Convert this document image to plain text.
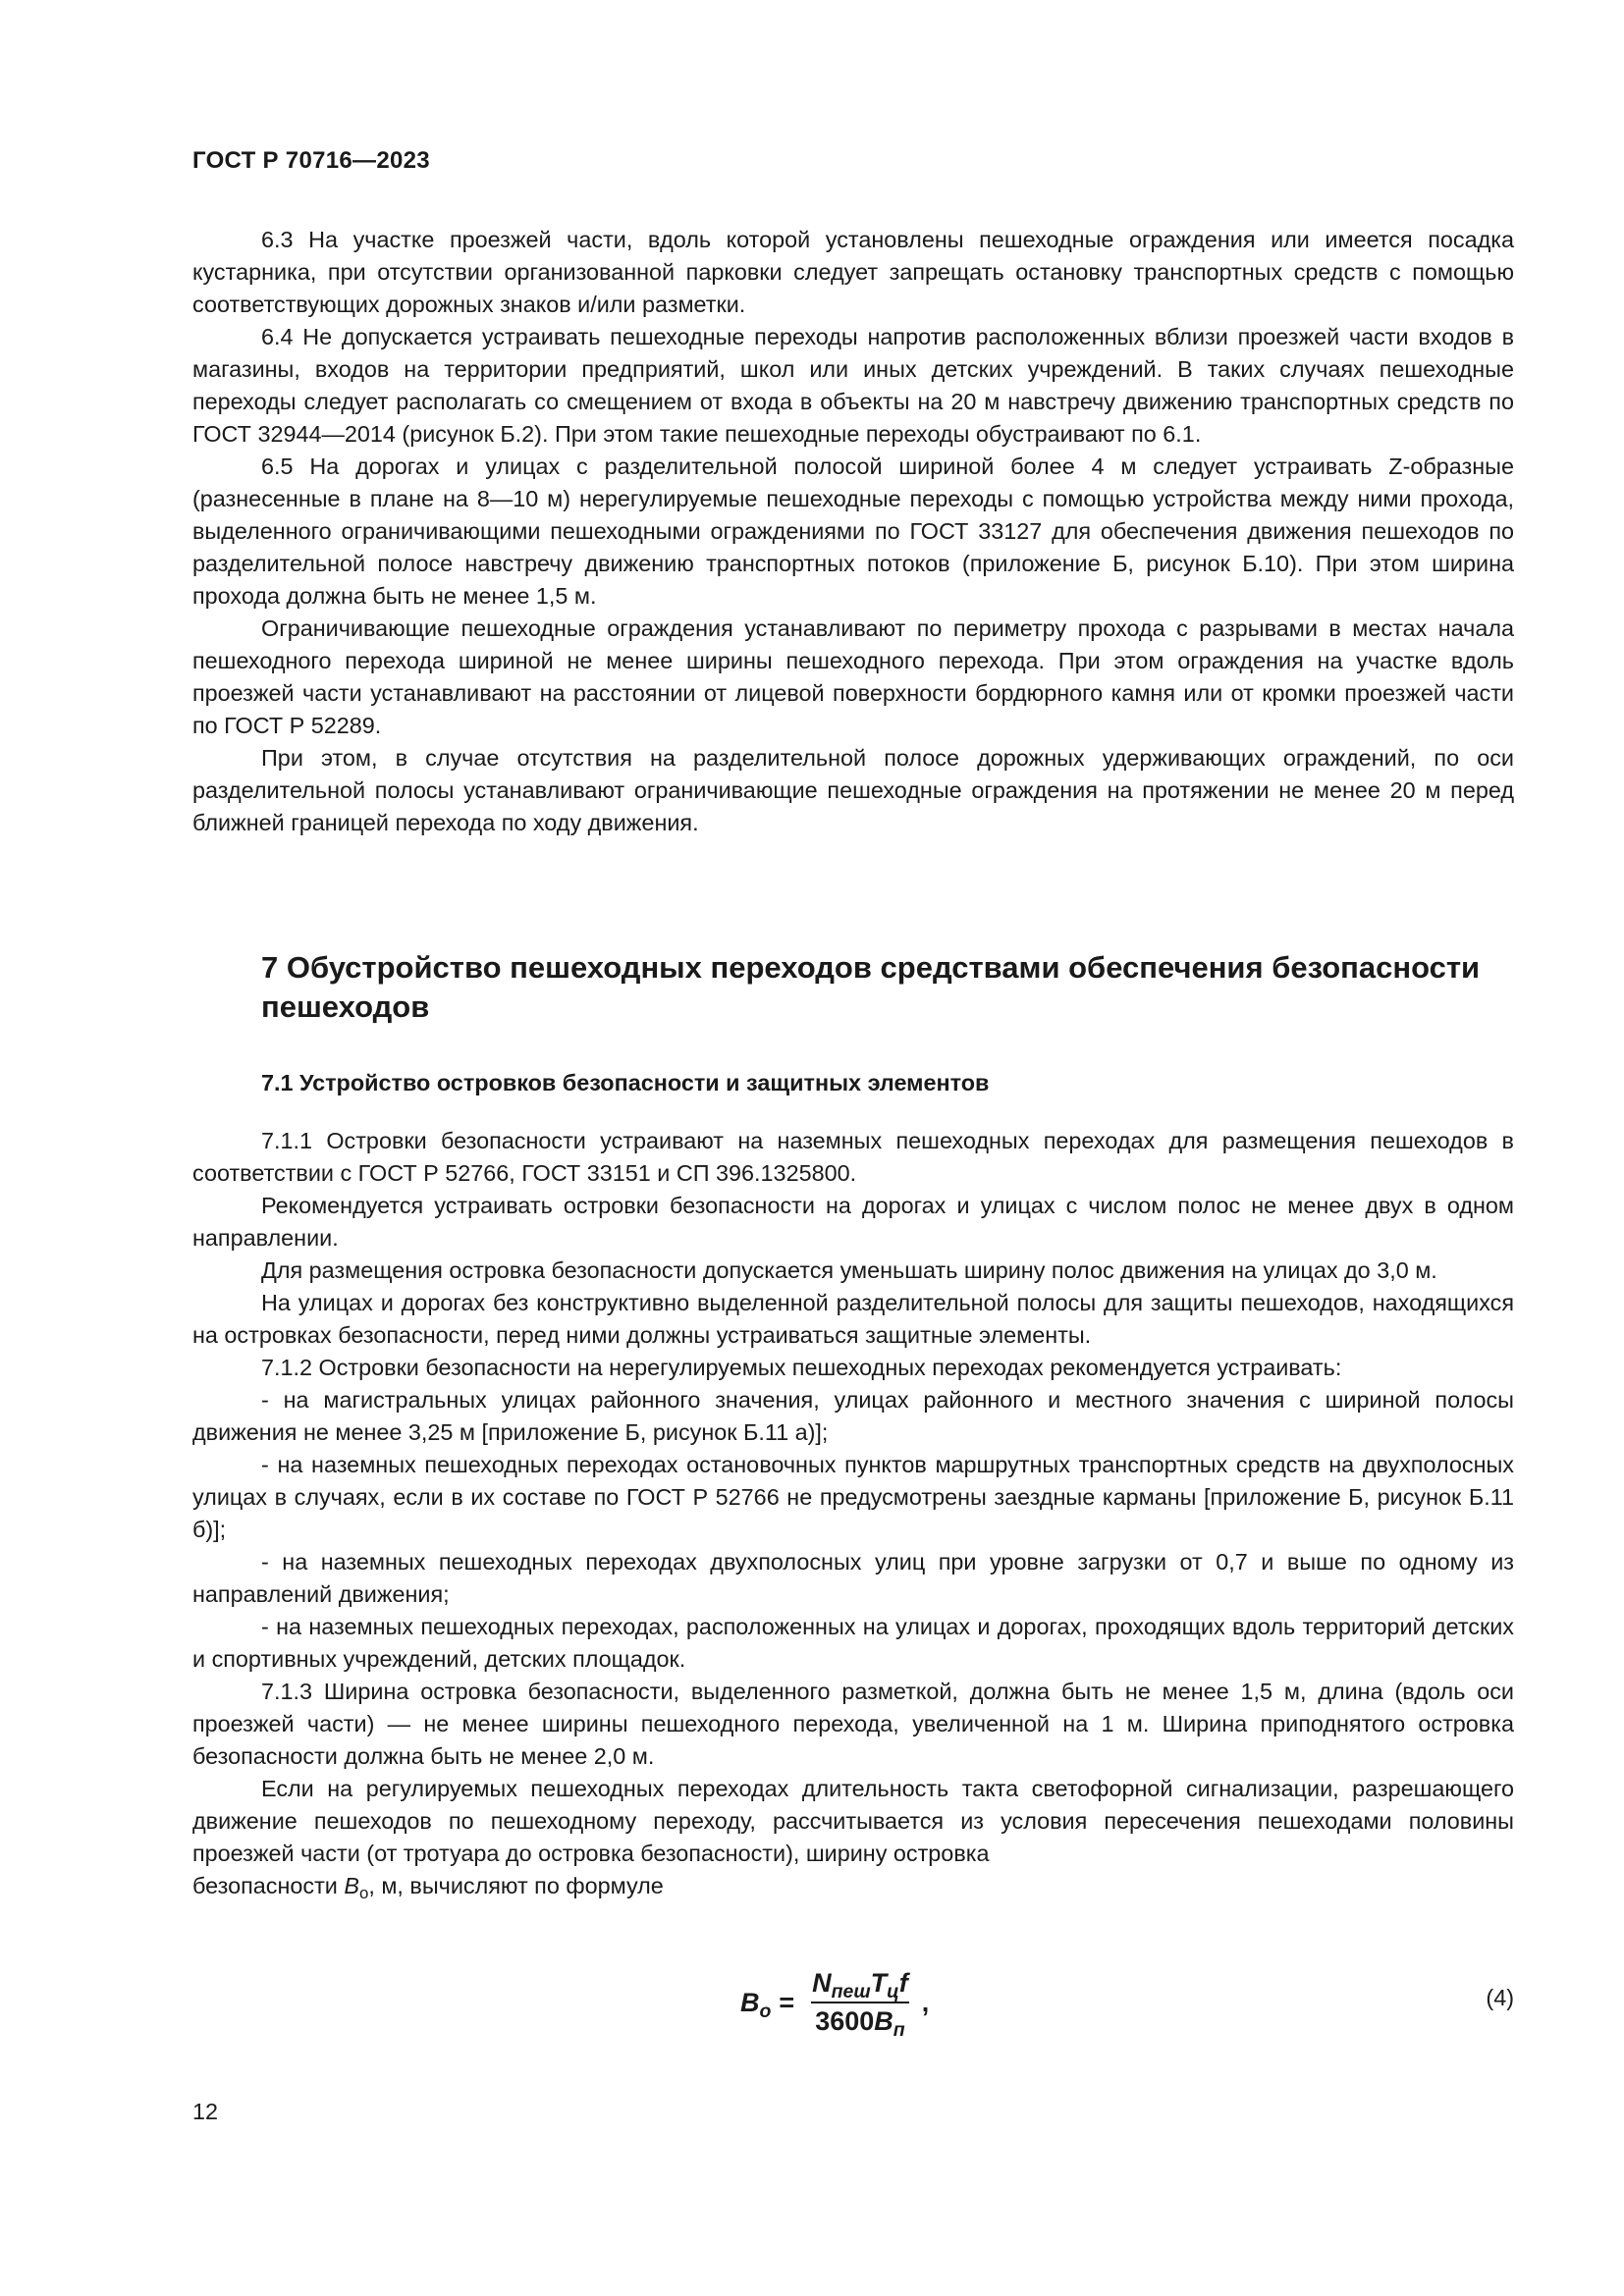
ГОСТ Р 70716—2023

6.3 На участке проезжей части, вдоль которой установлены пешеходные ограждения или имеется посадка кустарника, при отсутствии организованной парковки следует запрещать остановку транспортных средств с помощью соответствующих дорожных знаков и/или разметки.

6.4 Не допускается устраивать пешеходные переходы напротив расположенных вблизи проезжей части входов в магазины, входов на территории предприятий, школ или иных детских учреждений. В таких случаях пешеходные переходы следует располагать со смещением от входа в объекты на 20 м навстречу движению транспортных средств по ГОСТ 32944—2014 (рисунок Б.2). При этом такие пешеходные переходы обустраивают по 6.1.

6.5 На дорогах и улицах с разделительной полосой шириной более 4 м следует устраивать Z-образные (разнесенные в плане на 8—10 м) нерегулируемые пешеходные переходы с помощью устройства между ними прохода, выделенного ограничивающими пешеходными ограждениями по ГОСТ 33127 для обеспечения движения пешеходов по разделительной полосе навстречу движению транспортных потоков (приложение Б, рисунок Б.10). При этом ширина прохода должна быть не менее 1,5 м.

Ограничивающие пешеходные ограждения устанавливают по периметру прохода с разрывами в местах начала пешеходного перехода шириной не менее ширины пешеходного перехода. При этом ограждения на участке вдоль проезжей части устанавливают на расстоянии от лицевой поверхности бордюрного камня или от кромки проезжей части по ГОСТ Р 52289.

При этом, в случае отсутствия на разделительной полосе дорожных удерживающих ограждений, по оси разделительной полосы устанавливают ограничивающие пешеходные ограждения на протяжении не менее 20 м перед ближней границей перехода по ходу движения.

7 Обустройство пешеходных переходов средствами обеспечения безопасности пешеходов
7.1 Устройство островков безопасности и защитных элементов

7.1.1 Островки безопасности устраивают на наземных пешеходных переходах для размещения пешеходов в соответствии с ГОСТ Р 52766, ГОСТ 33151 и СП 396.1325800.

Рекомендуется устраивать островки безопасности на дорогах и улицах с числом полос не менее двух в одном направлении.

Для размещения островка безопасности допускается уменьшать ширину полос движения на улицах до 3,0 м.

На улицах и дорогах без конструктивно выделенной разделительной полосы для защиты пешеходов, находящихся на островках безопасности, перед ними должны устраиваться защитные элементы.

7.1.2 Островки безопасности на нерегулируемых пешеходных переходах рекомендуется устраивать:

- на магистральных улицах районного значения, улицах районного и местного значения с шириной полосы движения не менее 3,25 м [приложение Б, рисунок Б.11 а)];

- на наземных пешеходных переходах остановочных пунктов маршрутных транспортных средств на двухполосных улицах в случаях, если в их составе по ГОСТ Р 52766 не предусмотрены заездные карманы [приложение Б, рисунок Б.11 б)];

- на наземных пешеходных переходах двухполосных улиц при уровне загрузки от 0,7 и выше по одному из направлений движения;

- на наземных пешеходных переходах, расположенных на улицах и дорогах, проходящих вдоль территорий детских и спортивных учреждений, детских площадок.

7.1.3 Ширина островка безопасности, выделенного разметкой, должна быть не менее 1,5 м, длина (вдоль оси проезжей части) — не менее ширины пешеходного перехода, увеличенной на 1 м. Ширина приподнятого островка безопасности должна быть не менее 2,0 м.

Если на регулируемых пешеходных переходах длительность такта светофорной сигнализации, разрешающего движение пешеходов по пешеходному переходу, рассчитывается из условия пересечения пешеходами половины проезжей части (от тротуара до островка безопасности), ширину островка

безопасности $B_о$, м, вычисляют по формуле

$B_о = \frac{N_{пеш}T_цf}{3600B_п}$ ,	(4)
12
